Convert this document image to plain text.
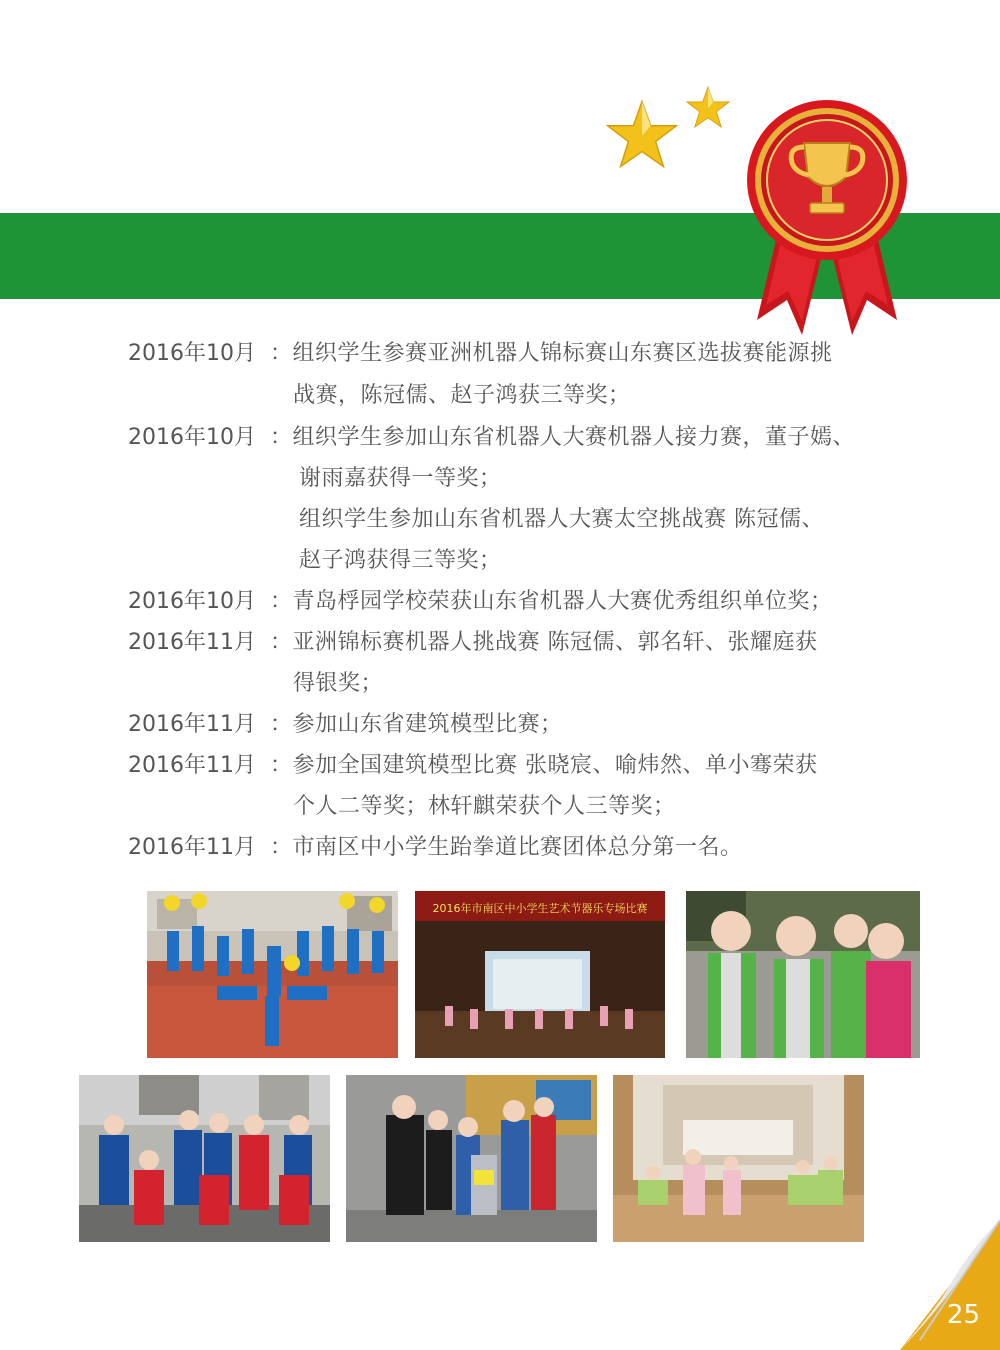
2016年10月 ：组织学生参赛亚洲机器人锦标赛山东赛区选拔赛能源挑
战赛，陈冠儒、赵子鸿获三等奖；
2016年10月 ：组织学生参加山东省机器人大赛机器人接力赛，董子嫣、
谢雨嘉获得一等奖；
组织学生参加山东省机器人大赛太空挑战赛 陈冠儒、
赵子鸿获得三等奖；
2016年10月 ：青岛桴园学校荣获山东省机器人大赛优秀组织单位奖；
2016年11月 ：亚洲锦标赛机器人挑战赛 陈冠儒、郭名轩、张耀庭获
得银奖；
2016年11月 ：参加山东省建筑模型比赛；
2016年11月 ：参加全国建筑模型比赛 张晓宸、喻炜然、单小骞荣获
个人二等奖；林轩麒荣获个人三等奖；
2016年11月 ：市南区中小学生跆拳道比赛团体总分第一名。
2016年市南区中小学生艺术节器乐专场比赛
25
